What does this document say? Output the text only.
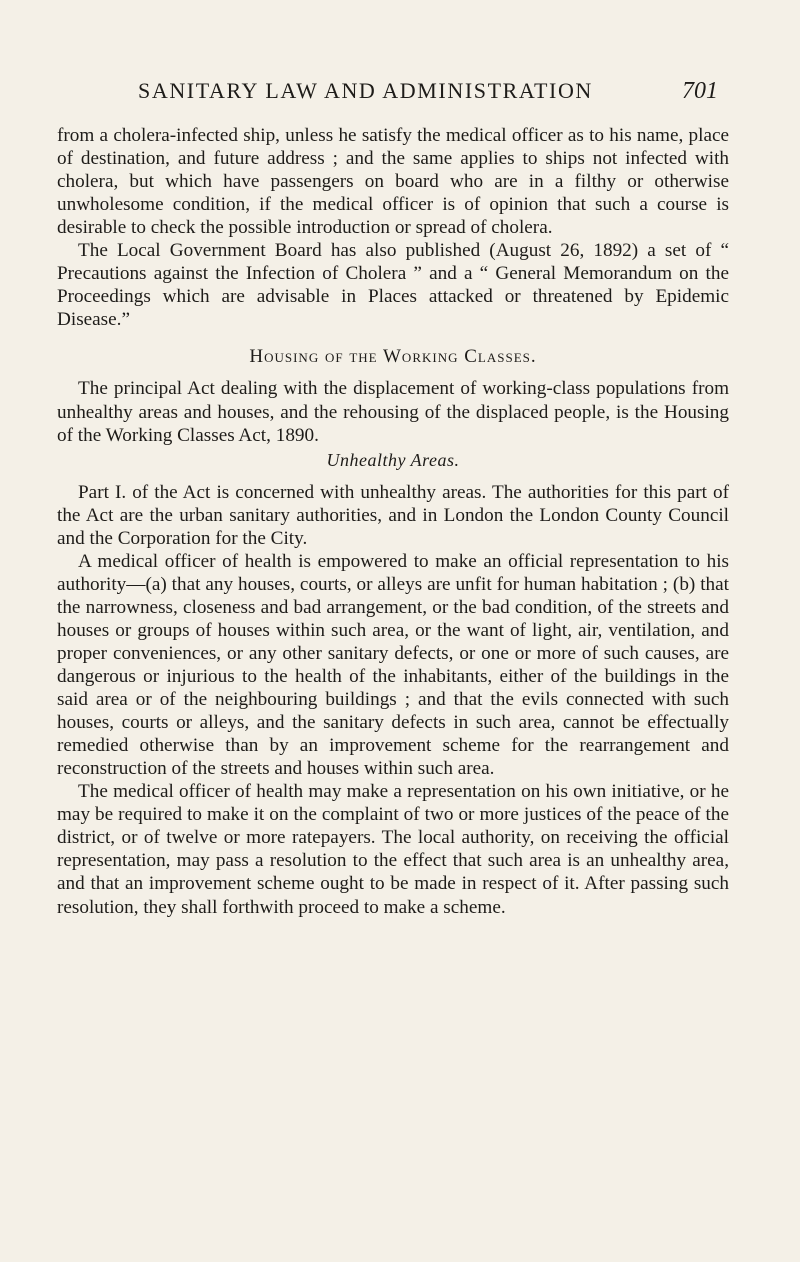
SANITARY LAW AND ADMINISTRATION	701

from a cholera-infected ship, unless he satisfy the medical officer as to his name, place of destination, and future address ; and the same applies to ships not infected with cholera, but which have passengers on board who are in a filthy or otherwise unwholesome condition, if the medical officer is of opinion that such a course is desirable to check the possible introduction or spread of cholera.

The Local Government Board has also published (August 26, 1892) a set of “ Precautions against the Infection of Cholera ” and a “ General Memorandum on the Proceedings which are advisable in Places attacked or threatened by Epidemic Disease.”

Housing of the Working Classes.

The principal Act dealing with the displacement of working-class populations from unhealthy areas and houses, and the rehousing of the displaced people, is the Housing of the Working Classes Act, 1890.

Unhealthy Areas.

Part I. of the Act is concerned with unhealthy areas. The authorities for this part of the Act are the urban sanitary authorities, and in London the London County Council and the Corporation for the City.

A medical officer of health is empowered to make an official representation to his authority—(a) that any houses, courts, or alleys are unfit for human habitation ; (b) that the narrowness, closeness and bad arrangement, or the bad condition, of the streets and houses or groups of houses within such area, or the want of light, air, ventilation, and proper conveniences, or any other sanitary defects, or one or more of such causes, are dangerous or injurious to the health of the inhabitants, either of the buildings in the said area or of the neighbouring buildings ; and that the evils connected with such houses, courts or alleys, and the sanitary defects in such area, cannot be effectually remedied otherwise than by an improvement scheme for the rearrangement and reconstruction of the streets and houses within such area.

The medical officer of health may make a representation on his own initiative, or he may be required to make it on the complaint of two or more justices of the peace of the district, or of twelve or more ratepayers. The local authority, on receiving the official representation, may pass a resolution to the effect that such area is an unhealthy area, and that an improvement scheme ought to be made in respect of it. After passing such resolution, they shall forthwith proceed to make a scheme.
